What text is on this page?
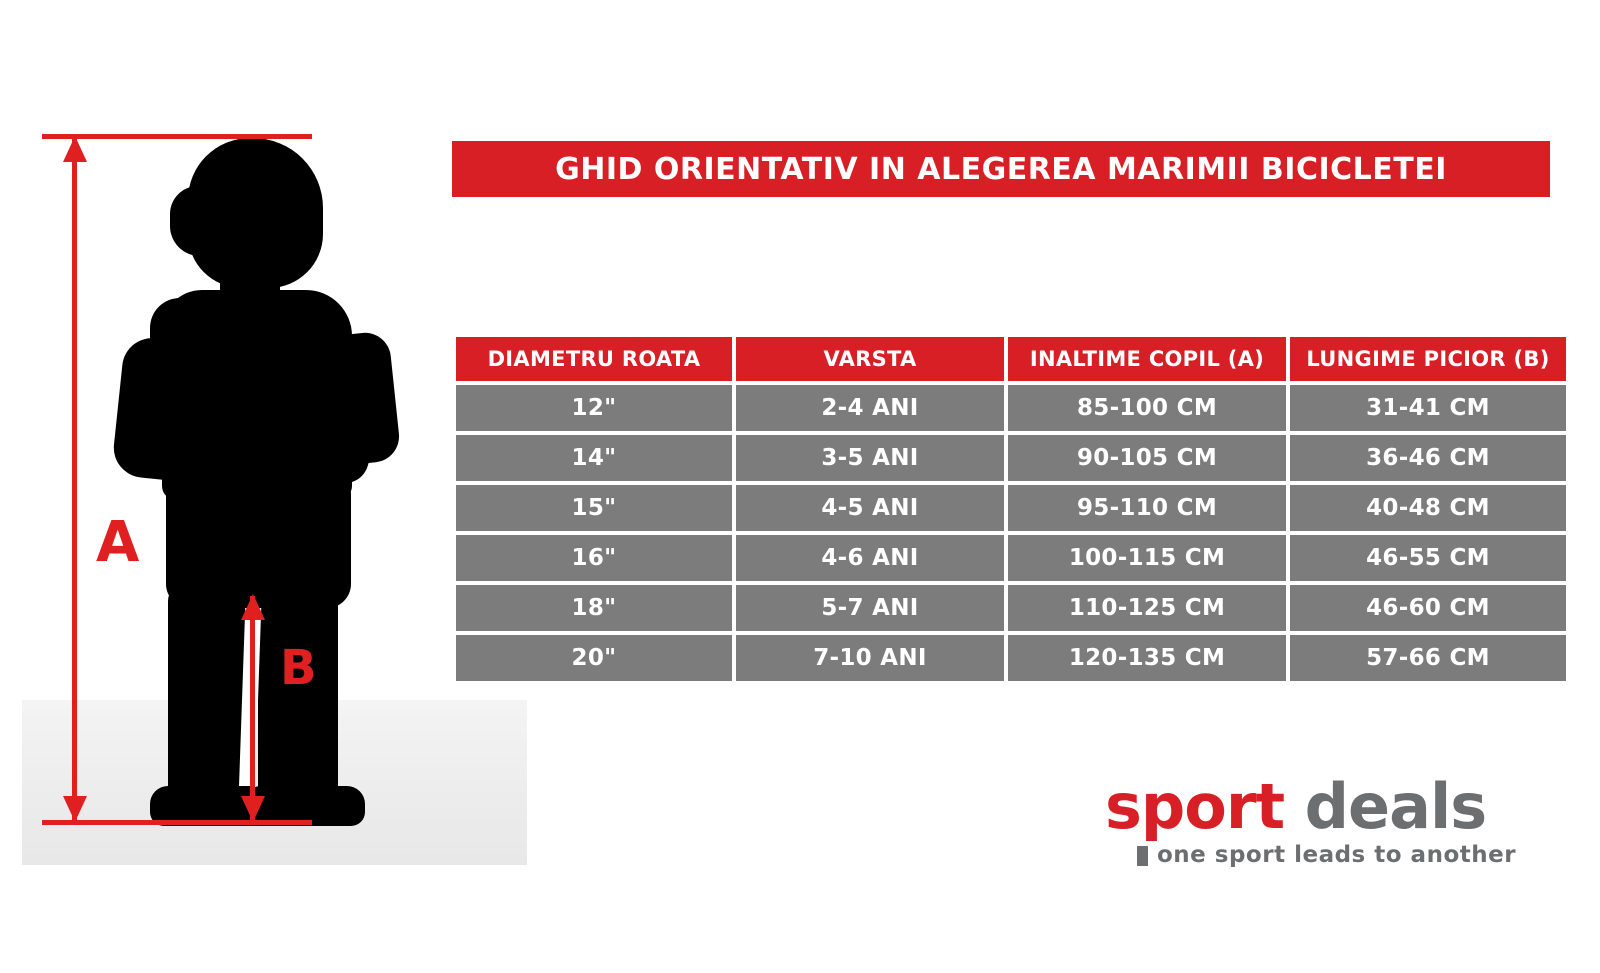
A
B
GHID ORIENTATIV IN ALEGEREA MARIMII BICICLETEI
DIAMETRU ROATA	VARSTA	INALTIME COPIL (A)	LUNGIME PICIOR (B)
12"	2-4 ANI	85-100 CM	31-41 CM
14"	3-5 ANI	90-105 CM	36-46 CM
15"	4-5 ANI	95-110 CM	40-48 CM
16"	4-6 ANI	100-115 CM	46-55 CM
18"	5-7 ANI	110-125 CM	46-60 CM
20"	7-10 ANI	120-135 CM	57-66 CM
sport deals
one sport leads to another
